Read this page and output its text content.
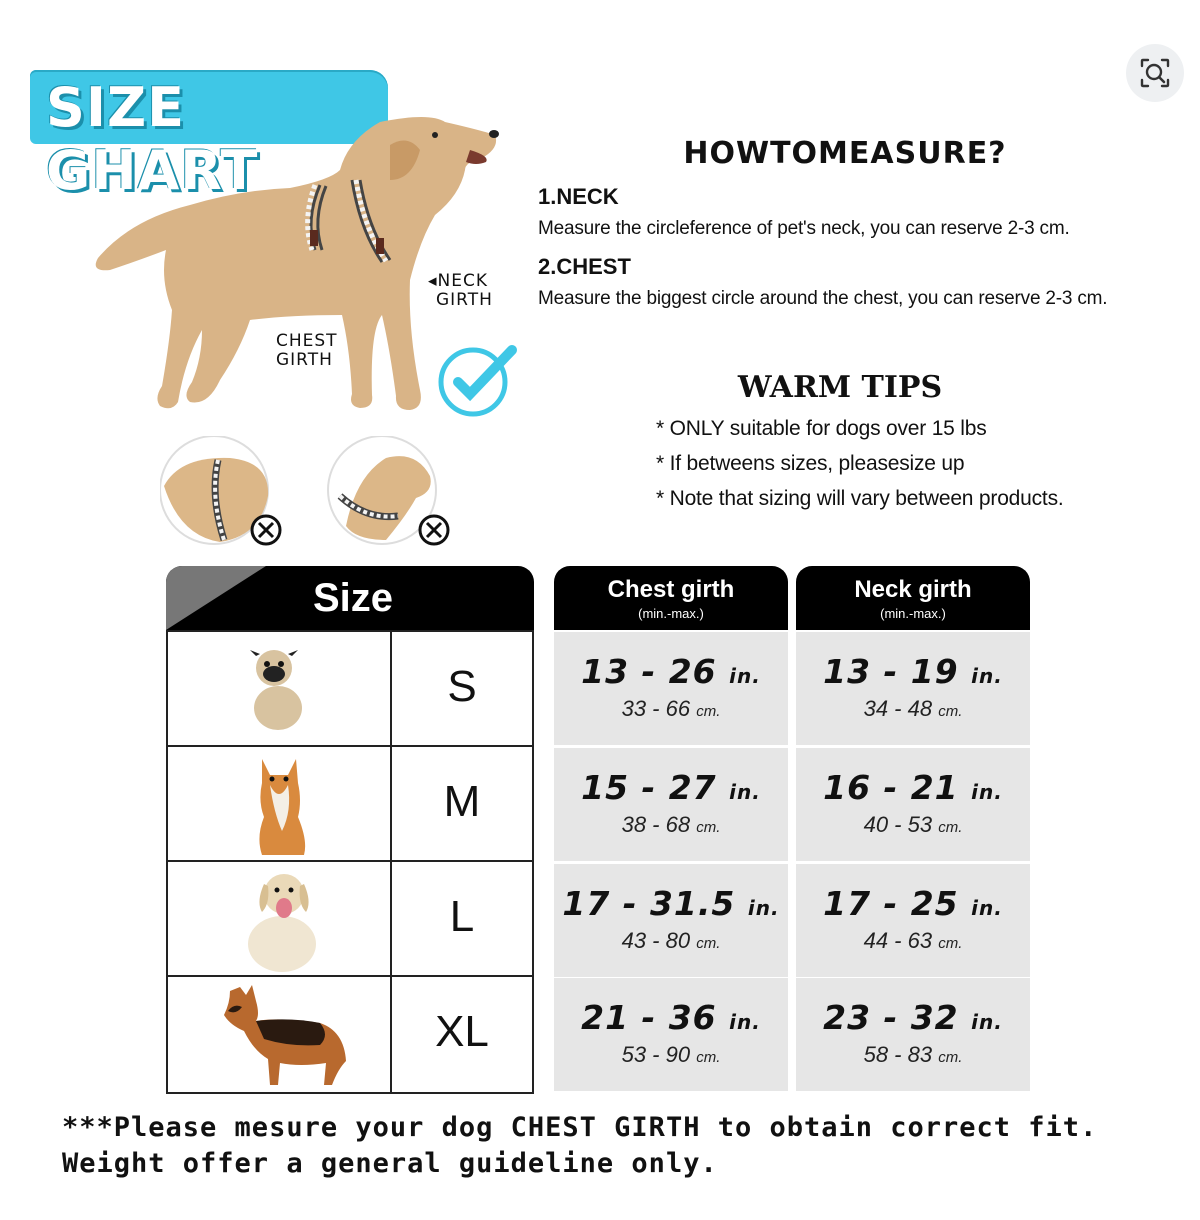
SIZE GHART
◂NECK
GIRTH
CHEST
GIRTH
HOWTOMEASURE?
1.NECK
Measure the circleference of pet's neck, you can reserve 2-3 cm.
2.CHEST
Measure the biggest circle around the chest, you can reserve 2-3 cm.
WARM TIPS
* ONLY suitable for dogs over 15 lbs
* If betweens sizes, pleasesize up
* Note that sizing will vary between products.
Size	Chest girth
(min.-max.)
Neck girth
(min.-max.)
S
M
L
XL
13 - 26 in.
33 - 66 cm.
15 - 27 in.
38 - 68 cm.
17 - 31.5 in.
43 - 80 cm.
21 - 36 in.
53 - 90 cm.
13 - 19 in.
34 - 48 cm.
16 - 21 in.
40 - 53 cm.
17 - 25 in.
44 - 63 cm.
23 - 32 in.
58 - 83 cm.
***Please mesure your dog CHEST GIRTH to obtain correct fit.
Weight offer a general guideline only.
